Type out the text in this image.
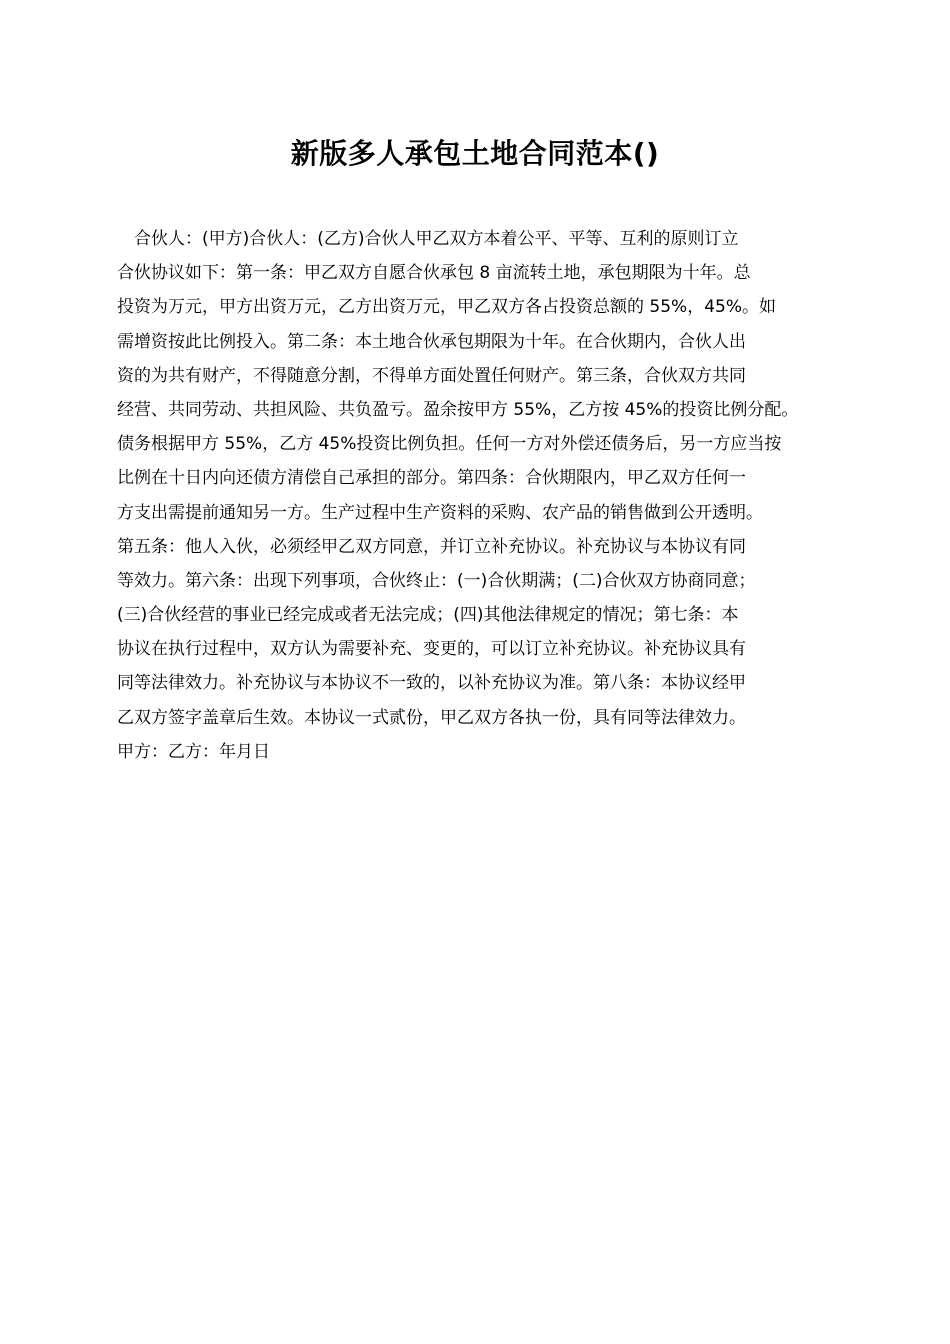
新版多人承包土地合同范本()
　合伙人：(甲方)合伙人：(乙方)合伙人甲乙双方本着公平、平等、互利的原则订立
合伙协议如下：第一条：甲乙双方自愿合伙承包 8 亩流转土地，承包期限为十年。总
投资为万元，甲方出资万元，乙方出资万元，甲乙双方各占投资总额的 55%，45%。如
需增资按此比例投入。第二条：本土地合伙承包期限为十年。在合伙期内，合伙人出
资的为共有财产，不得随意分割，不得单方面处置任何财产。第三条，合伙双方共同
经营、共同劳动、共担风险、共负盈亏。盈余按甲方 55%，乙方按 45%的投资比例分配。
债务根据甲方 55%，乙方 45%投资比例负担。任何一方对外偿还债务后，另一方应当按
比例在十日内向还债方清偿自己承担的部分。第四条：合伙期限内，甲乙双方任何一
方支出需提前通知另一方。生产过程中生产资料的采购、农产品的销售做到公开透明。
第五条：他人入伙，必须经甲乙双方同意，并订立补充协议。补充协议与本协议有同
等效力。第六条：出现下列事项，合伙终止：(一)合伙期满；(二)合伙双方协商同意；
(三)合伙经营的事业已经完成或者无法完成；(四)其他法律规定的情况；第七条：本
协议在执行过程中，双方认为需要补充、变更的，可以订立补充协议。补充协议具有
同等法律效力。补充协议与本协议不一致的，以补充协议为准。第八条：本协议经甲
乙双方签字盖章后生效。本协议一式贰份，甲乙双方各执一份，具有同等法律效力。
甲方：乙方：年月日
